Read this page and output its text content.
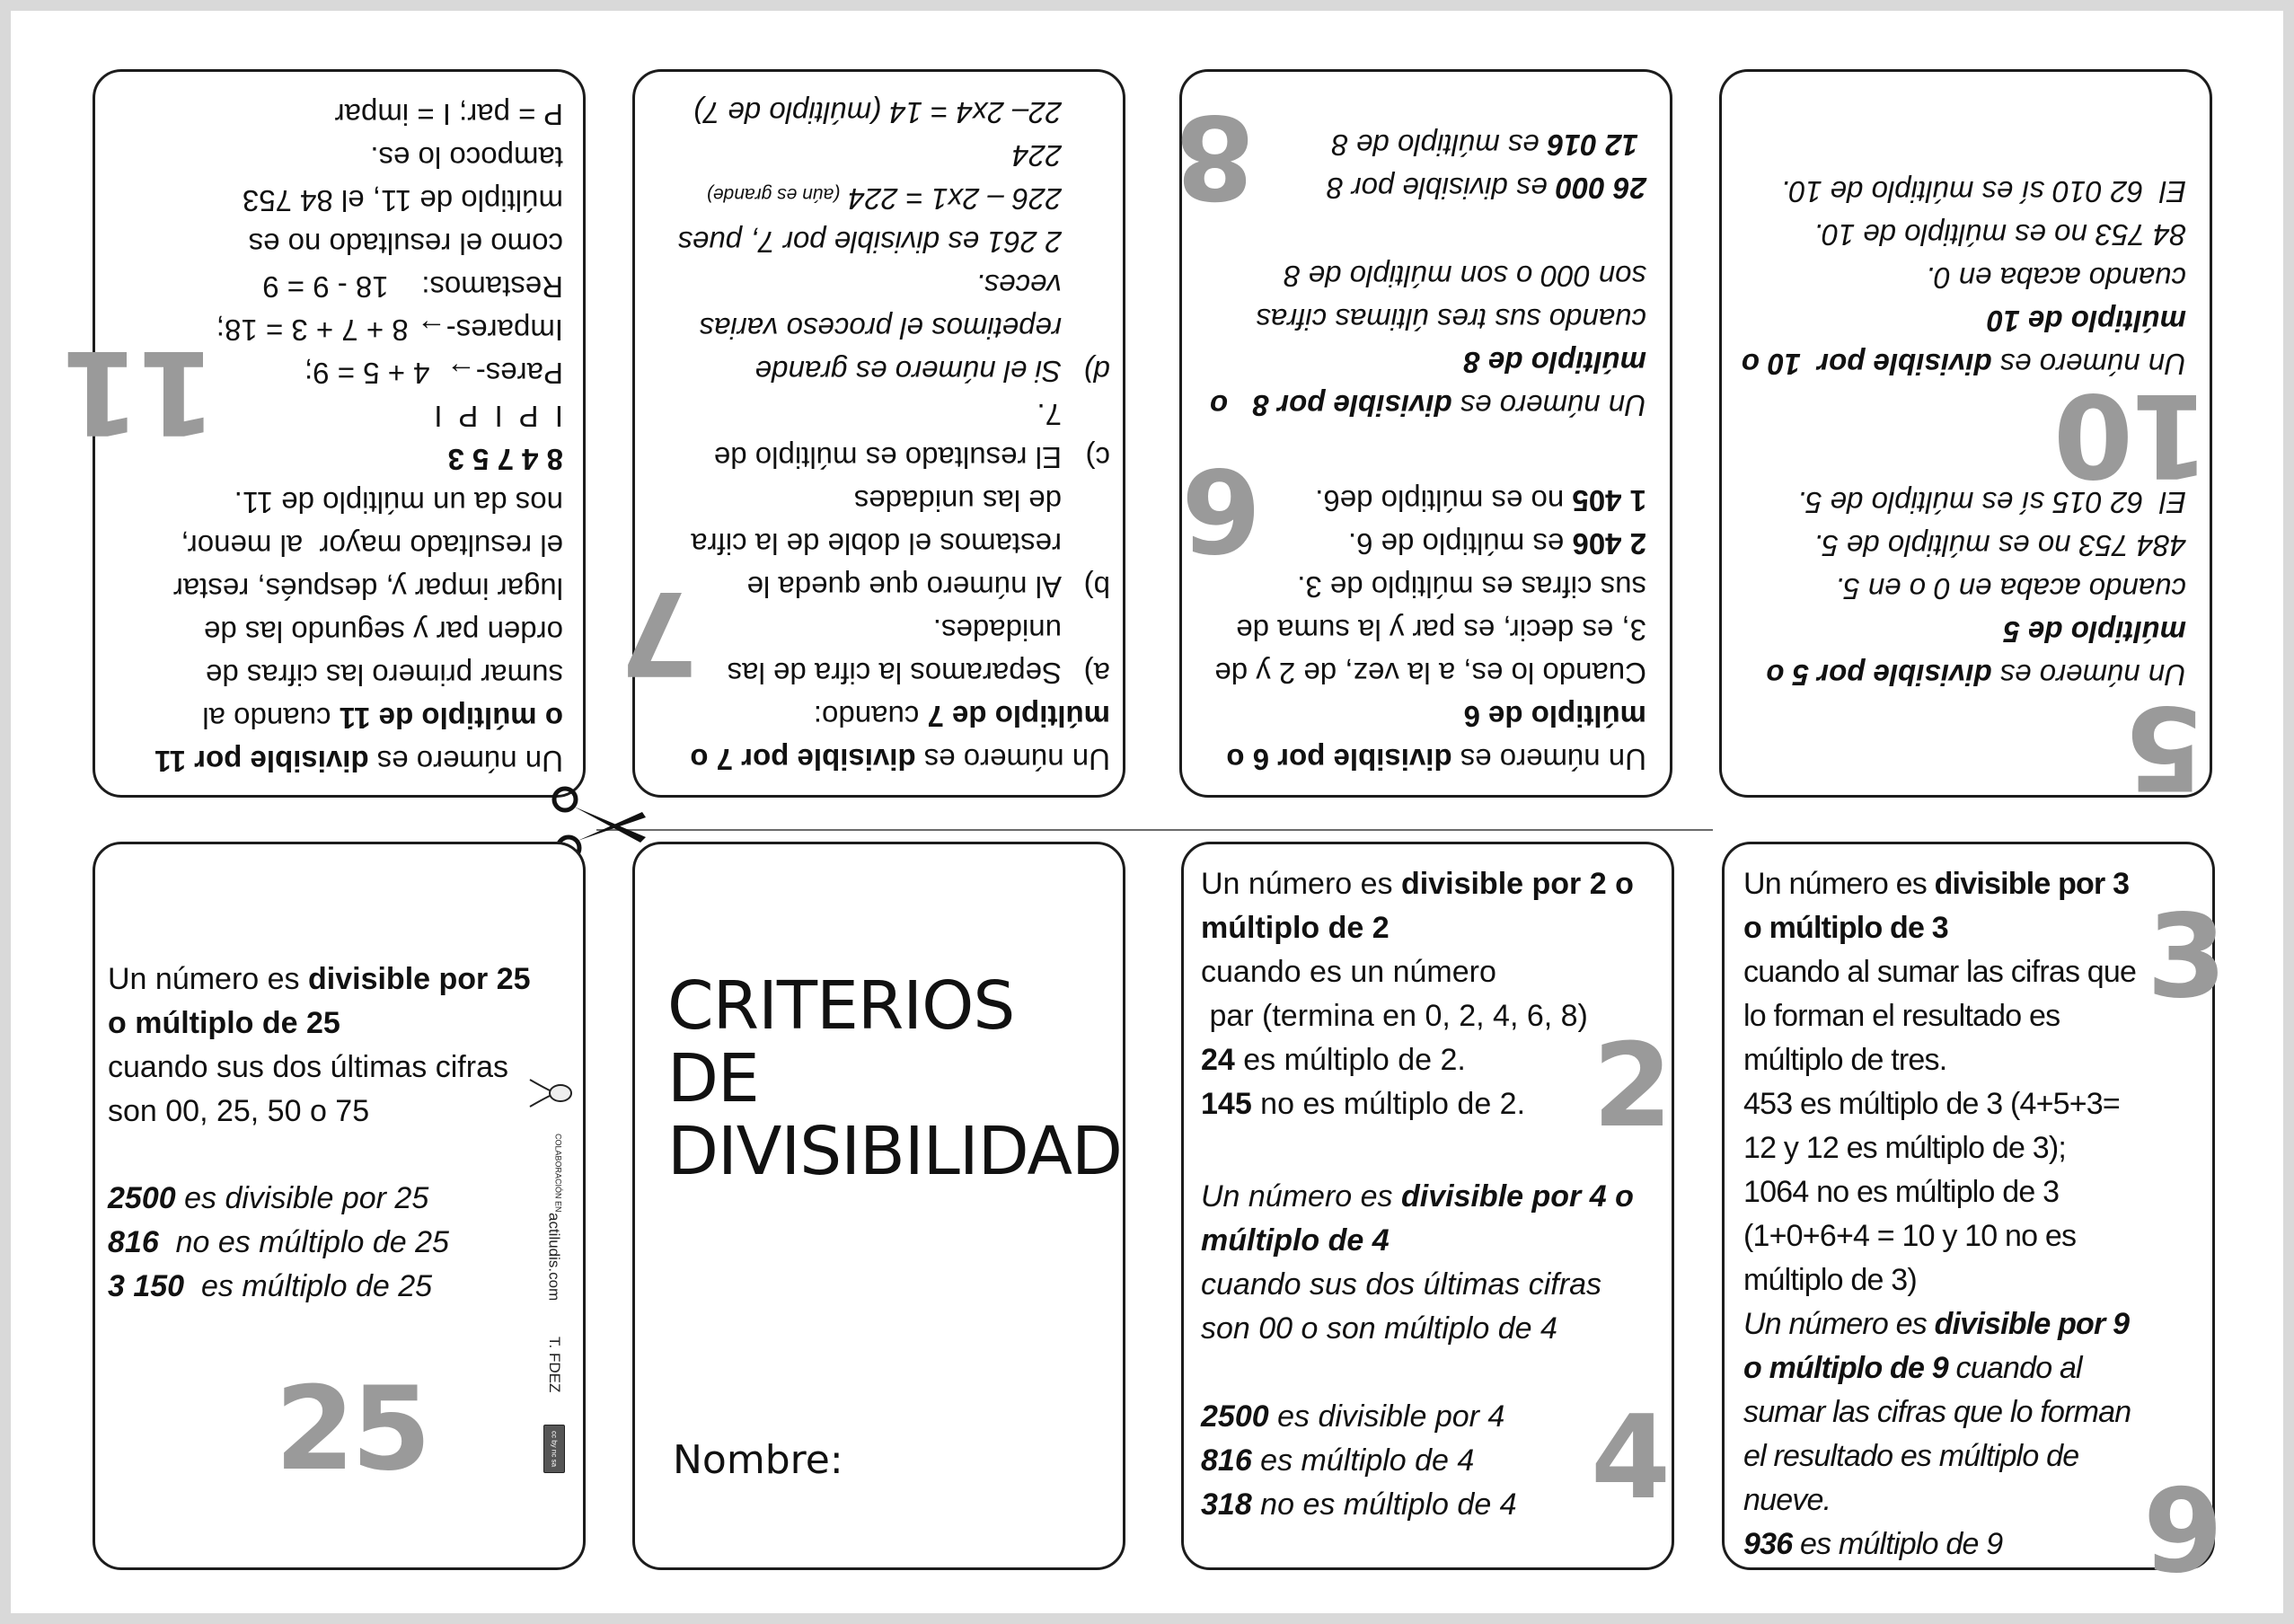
Un número es divisible por 11
o múltiplo de 11 cuando al
sumar primero las cifras de
orden par y segundo las de
lugar impar y, después, restar
el resultado mayor  al menor,
nos da un múltiplo de 11.
8 4 7 5 3
I  P  I  P  I
Pares-→  4 + 5 = 9;
Impares-→ 8 + 7 + 3 = 18;
Restamos:    18 - 9 = 9
como el resultado no es
múltiplo de 11, el 84 753
tampoco lo es.
P = par; I = impar
11
Un número es divisible por 7 o
múltiplo de 7 cuando:
a)Separamos la cifra de las
unidades.
b)Al número que queda le
restamos el doble de la cifra
de las unidades
c)El resultado es múltiplo de
7.
d)Si el número es grande
repetimos el proceso varias
veces.
2 261 es divisible por 7, pues
226 – 2x1 = 224 (aún es grande)
224
22– 2x4 = 14 (múltiplo de 7)
7
Un número es divisible por 6 o
múltiplo de 6
Cuando lo es, a la vez, de 2 y de
3, es decir, es par y la suma de
sus cifras es múltiplo de 3.
2 406 es múltiplo de 6.
1 405 no es múltiplo de6.
Un número es divisible por 8   o
múltiplo de 8
cuando sus tres últimas cifras
son 000 o son múltiplo de 8
26 000 es divisible por 8
12 016 es múltiplo de 8
6
8
Un número es divisible por 5 o
múltiplo de 5
cuando acaba en 0 o en 5.
484 753 no es múltiplo de 5.
El  62 015 sí es múltiplo de 5.
Un número es divisible por  10 o
múltiplo de 10
cuando acaba en 0.
84 753 no es múltiplo de 10.
El  62 010 sí es múltiplo de 10.
5
10
Un número es divisible por 25
o múltiplo de 25
cuando sus dos últimas cifras
son 00, 25, 50 o 75
2500 es divisible por 25
816  no es múltiplo de 25
3 150  es múltiplo de 25
25
COLABORACIÓN EN
actiludis.com
T. FDEZ
cc by nc sa
CRITERIOS
DE
DIVISIBILIDAD
Nombre:
Un número es divisible por 2 o
múltiplo de 2
cuando es un número
par (termina en 0, 2, 4, 6, 8)
24 es múltiplo de 2.
145 no es múltiplo de 2.
Un número es divisible por 4 o
múltiplo de 4
cuando sus dos últimas cifras
son 00 o son múltiplo de 4
2500 es divisible por 4
816 es múltiplo de 4
318 no es múltiplo de 4
2
4
Un número es divisible por 3
o múltiplo de 3
cuando al sumar las cifras que
lo forman el resultado es
múltiplo de tres.
453 es múltiplo de 3 (4+5+3=
12 y 12 es múltiplo de 3);
1064 no es múltiplo de 3
(1+0+6+4 = 10 y 10 no es
múltiplo de 3)
Un número es divisible por 9
o múltiplo de 9 cuando al
sumar las cifras que lo forman
el resultado es múltiplo de
nueve.
936 es múltiplo de 9
3
9
